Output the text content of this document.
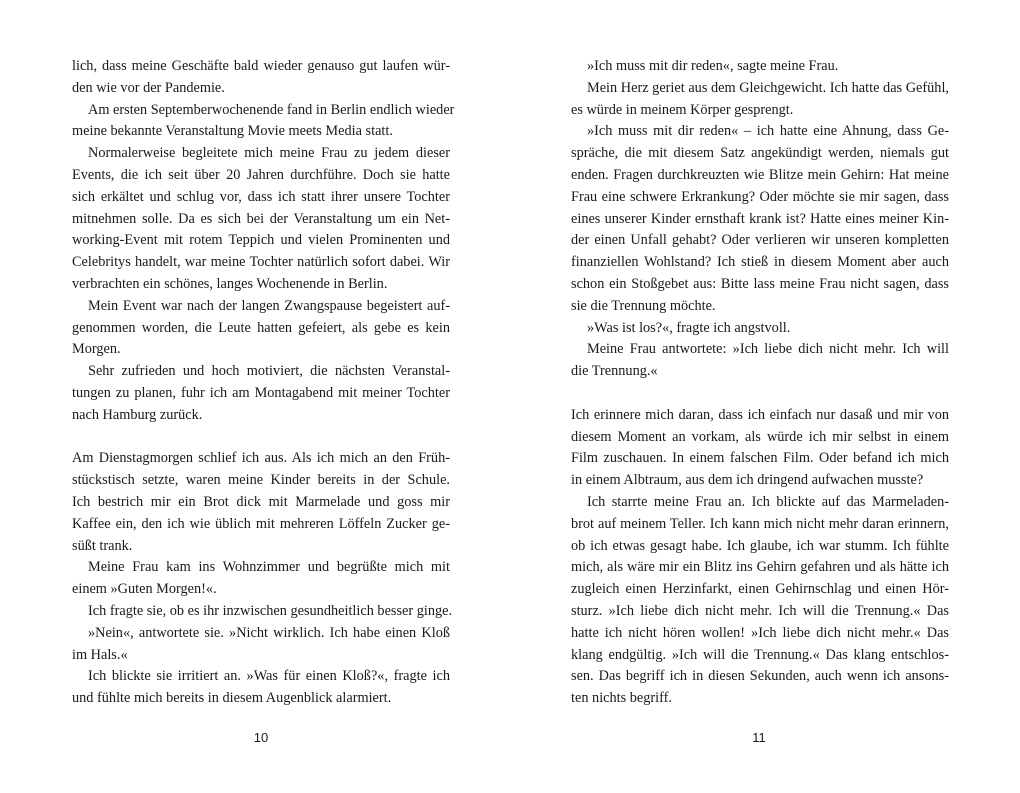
lich, dass meine Geschäfte bald wieder genauso gut laufen wür-
den wie vor der Pandemie.
Am ersten Septemberwochenende fand in Berlin endlich wieder
meine bekannte Veranstaltung Movie meets Media statt.
Normalerweise begleitete mich meine Frau zu jedem dieser
Events, die ich seit über 20 Jahren durchführe. Doch sie hatte
sich erkältet und schlug vor, dass ich statt ihrer unsere Tochter
mitnehmen solle. Da es sich bei der Veranstaltung um ein Net-
working-Event mit rotem Teppich und vielen Prominenten und
Celebritys handelt, war meine Tochter natürlich sofort dabei. Wir
verbrachten ein schönes, langes Wochenende in Berlin.
Mein Event war nach der langen Zwangspause begeistert auf-
genommen worden, die Leute hatten gefeiert, als gebe es kein
Morgen.
Sehr zufrieden und hoch motiviert, die nächsten Veranstal-
tungen zu planen, fuhr ich am Montagabend mit meiner Tochter
nach Hamburg zurück.
Am Dienstagmorgen schlief ich aus. Als ich mich an den Früh-
stückstisch setzte, waren meine Kinder bereits in der Schule.
Ich bestrich mir ein Brot dick mit Marmelade und goss mir
Kaffee ein, den ich wie üblich mit mehreren Löffeln Zucker ge-
süßt trank.
Meine Frau kam ins Wohnzimmer und begrüßte mich mit
einem »Guten Morgen!«.
Ich fragte sie, ob es ihr inzwischen gesundheitlich besser ginge.
»Nein«, antwortete sie. »Nicht wirklich. Ich habe einen Kloß
im Hals.«
Ich blickte sie irritiert an. »Was für einen Kloß?«, fragte ich
und fühlte mich bereits in diesem Augenblick alarmiert.
»Ich muss mit dir reden«, sagte meine Frau.
Mein Herz geriet aus dem Gleichgewicht. Ich hatte das Gefühl,
es würde in meinem Körper gesprengt.
»Ich muss mit dir reden« – ich hatte eine Ahnung, dass Ge-
spräche, die mit diesem Satz angekündigt werden, niemals gut
enden. Fragen durchkreuzten wie Blitze mein Gehirn: Hat meine
Frau eine schwere Erkrankung? Oder möchte sie mir sagen, dass
eines unserer Kinder ernsthaft krank ist? Hatte eines meiner Kin-
der einen Unfall gehabt? Oder verlieren wir unseren kompletten
finanziellen Wohlstand? Ich stieß in diesem Moment aber auch
schon ein Stoßgebet aus: Bitte lass meine Frau nicht sagen, dass
sie die Trennung möchte.
»Was ist los?«, fragte ich angstvoll.
Meine Frau antwortete: »Ich liebe dich nicht mehr. Ich will
die Trennung.«
Ich erinnere mich daran, dass ich einfach nur dasaß und mir von
diesem Moment an vorkam, als würde ich mir selbst in einem
Film zuschauen. In einem falschen Film. Oder befand ich mich
in einem Albtraum, aus dem ich dringend aufwachen musste?
Ich starrte meine Frau an. Ich blickte auf das Marmeladen-
brot auf meinem Teller. Ich kann mich nicht mehr daran erinnern,
ob ich etwas gesagt habe. Ich glaube, ich war stumm. Ich fühlte
mich, als wäre mir ein Blitz ins Gehirn gefahren und als hätte ich
zugleich einen Herzinfarkt, einen Gehirnschlag und einen Hör-
sturz. »Ich liebe dich nicht mehr. Ich will die Trennung.« Das
hatte ich nicht hören wollen! »Ich liebe dich nicht mehr.« Das
klang endgültig. »Ich will die Trennung.« Das klang entschlos-
sen. Das begriff ich in diesen Sekunden, auch wenn ich ansons-
ten nichts begriff.
10	11
